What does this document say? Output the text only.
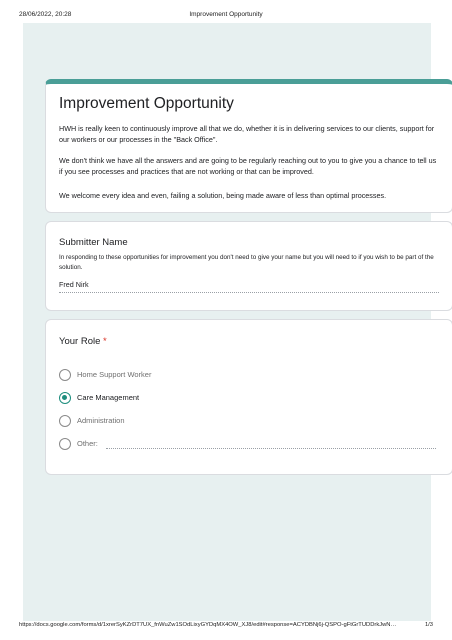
28/06/2022, 20:28	Improvement Opportunity
Improvement Opportunity

HWH is really keen to continuously improve all that we do, whether it is in delivering services to our clients, support for our workers or our processes in the "Back Office".

We don't think we have all the answers and are going to be regularly reaching out to you to give you a chance to tell us if you see processes and practices that are not working or that can be improved.

We welcome every idea and even, failing a solution, being made aware of less than optimal processes.

Submitter Name
In responding to these opportunities for improvement you don't need to give your name but you will need to if you wish to be part of the solution.
Fred Nirk
Your Role *
Home Support Worker
Care Management
Administration
Other:
https://docs.google.com/forms/d/1xrerSyKZrDT7UX_fnWuZw1SOdLixyGYDqMX4OW_XJ8/edit#response=ACYDBNj6j-QSPO-gFtGrTUDDrkJwN…	1/3
